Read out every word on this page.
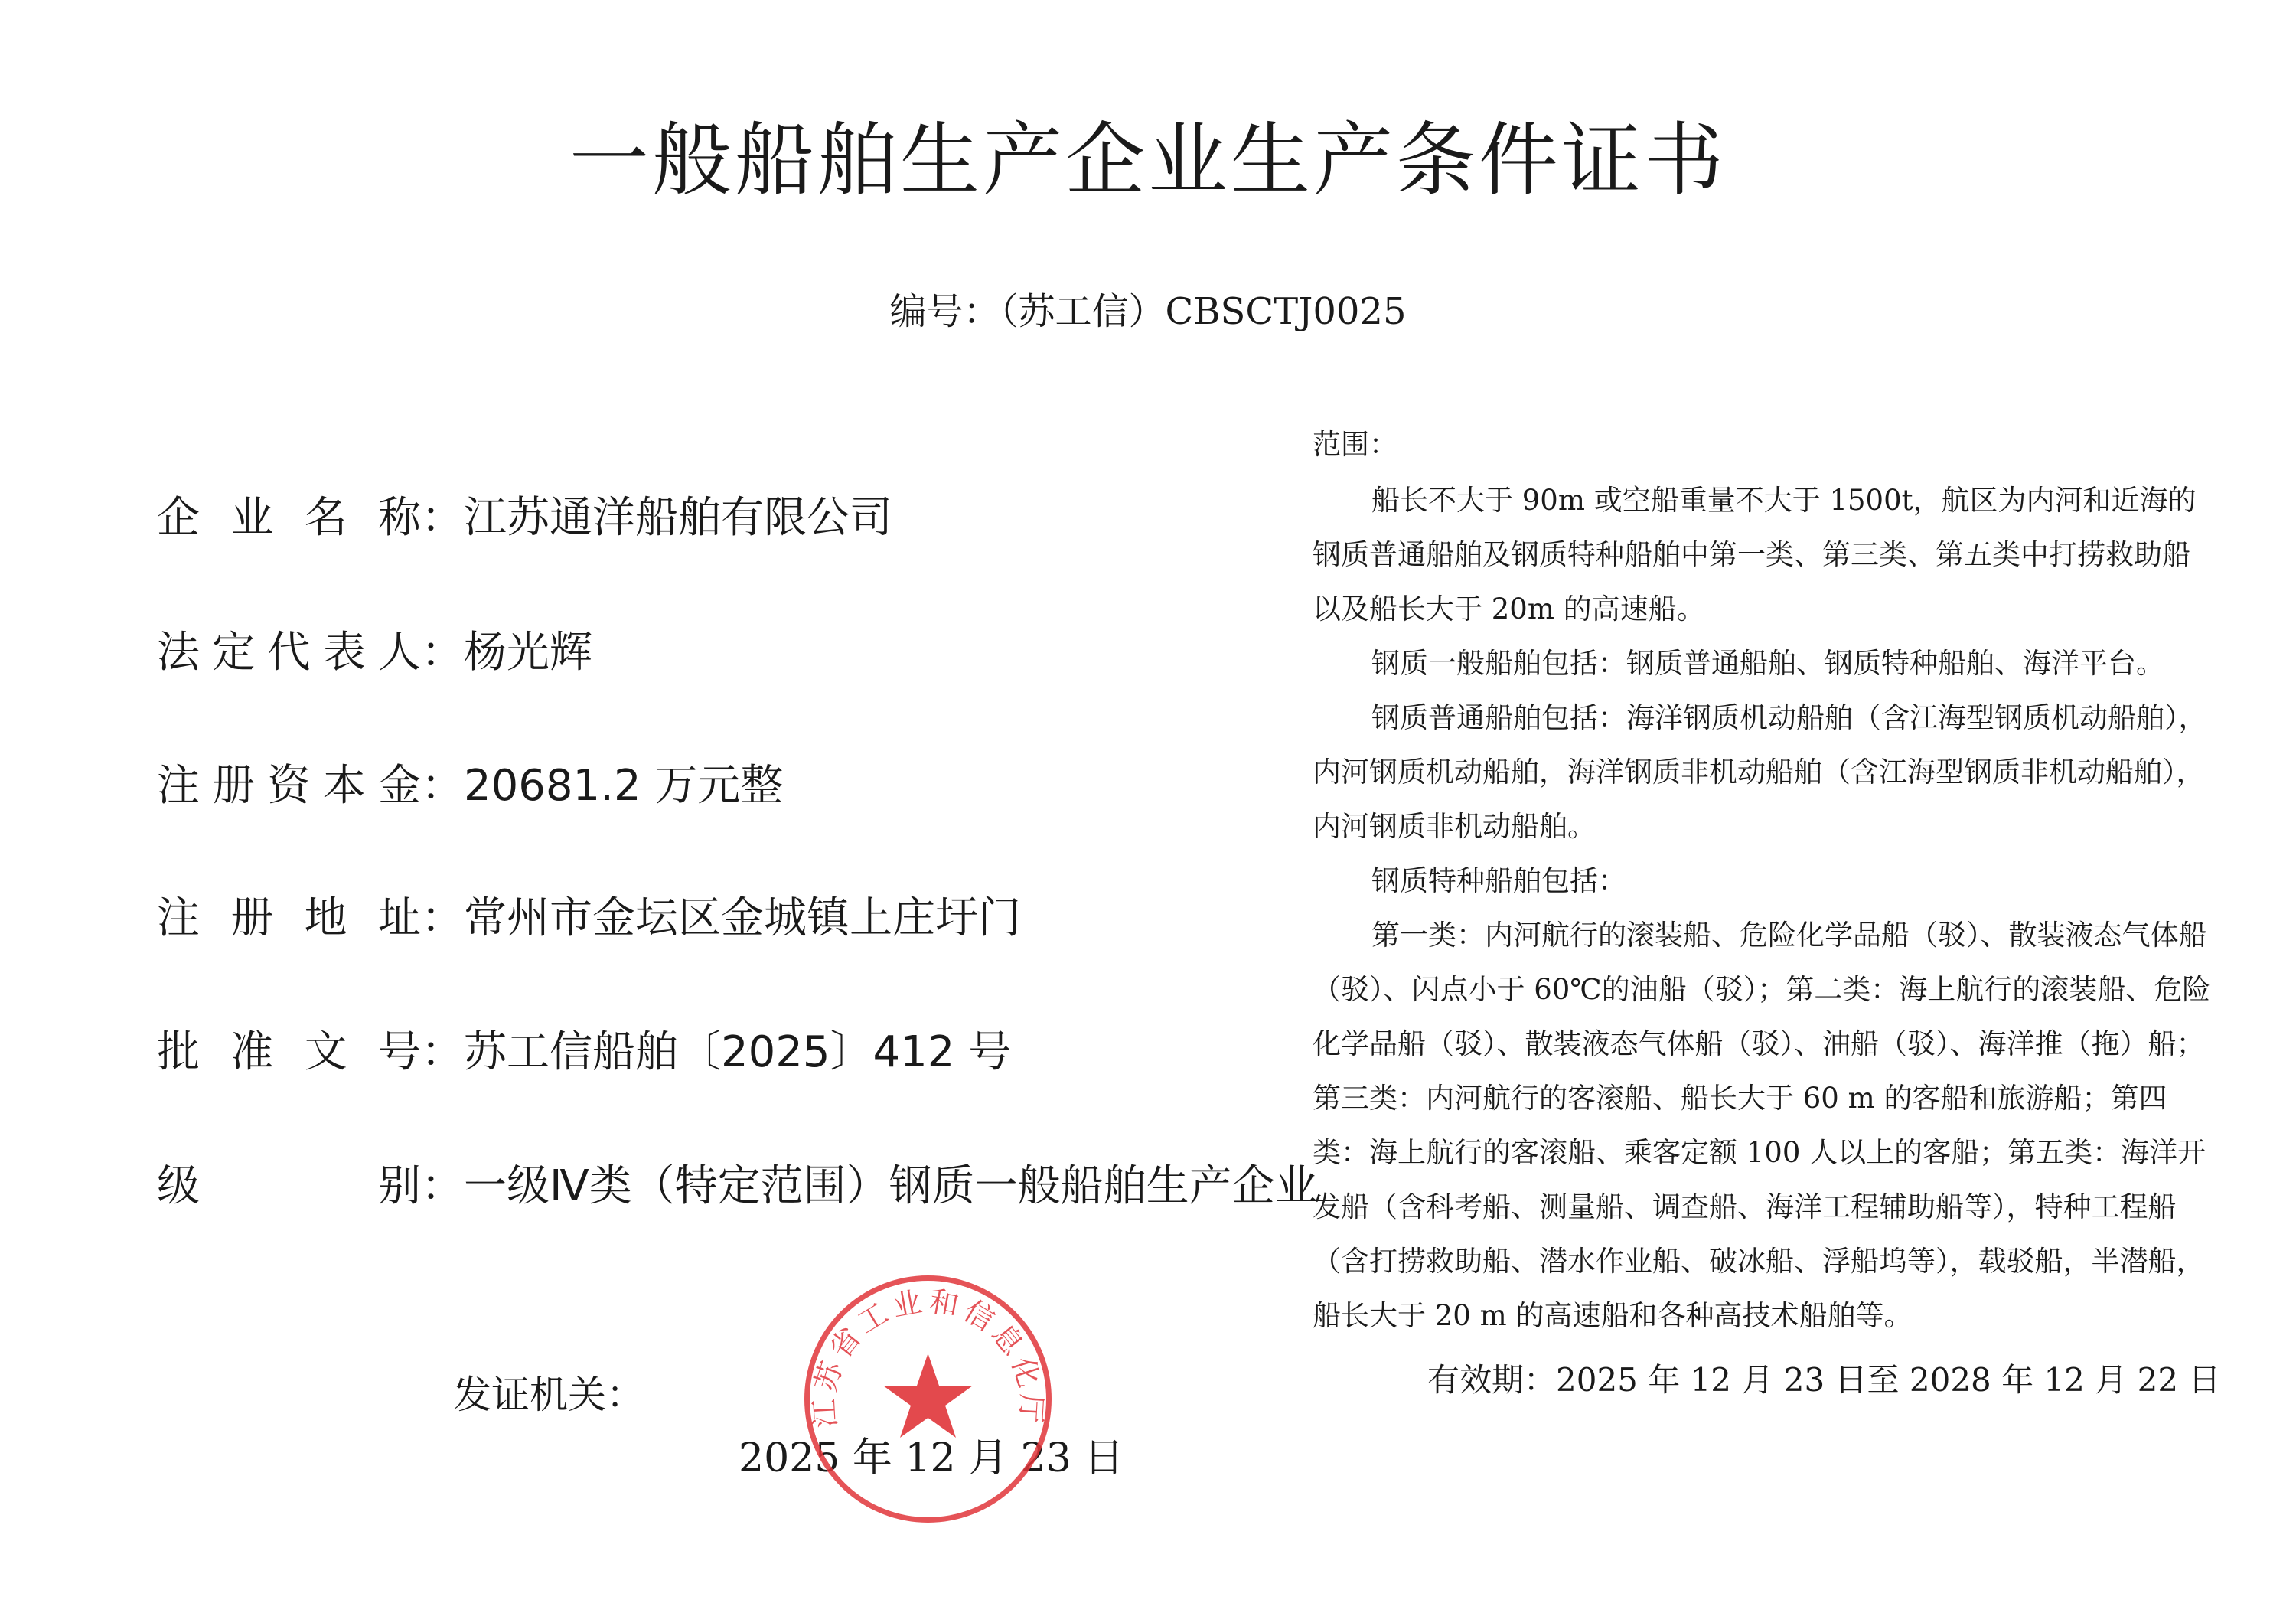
一般船舶生产企业生产条件证书
编号：（苏工信）CBSCTJ0025
企业名称：江苏通洋船舶有限公司
法定代表人：杨光辉
注册资本金：20681.2 万元整
注册地址：常州市金坛区金城镇上庄圩门
批准文号：苏工信船舶〔2025〕412 号
级别：一级Ⅳ类（特定范围）钢质一般船舶生产企业

范围：

船长不大于 90m 或空船重量不大于 1500t，航区为内河和近海的钢质普通船舶及钢质特种船舶中第一类、第三类、第五类中打捞救助船以及船长大于 20m 的高速船。

钢质一般船舶包括：钢质普通船舶、钢质特种船舶、海洋平台。

钢质普通船舶包括：海洋钢质机动船舶（含江海型钢质机动船舶），内河钢质机动船舶，海洋钢质非机动船舶（含江海型钢质非机动船舶），内河钢质非机动船舶。

钢质特种船舶包括：

第一类：内河航行的滚装船、危险化学品船（驳）、散装液态气体船（驳）、闪点小于 60℃的油船（驳）；第二类：海上航行的滚装船、危险化学品船（驳）、散装液态气体船（驳）、油船（驳）、海洋推（拖）船；第三类：内河航行的客滚船、船长大于 60 m 的客船和旅游船；第四类：海上航行的客滚船、乘客定额 100 人以上的客船；第五类：海洋开发船（含科考船、测量船、调查船、海洋工程辅助船等），特种工程船（含打捞救助船、潜水作业船、破冰船、浮船坞等），载驳船，半潜船，船长大于 20 m 的高速船和各种高技术船舶等。

有效期：2025 年 12 月 23 日至 2028 年 12 月 22 日
发证机关：
2025 年 12 月 23 日
江苏省工业和信息化厅
